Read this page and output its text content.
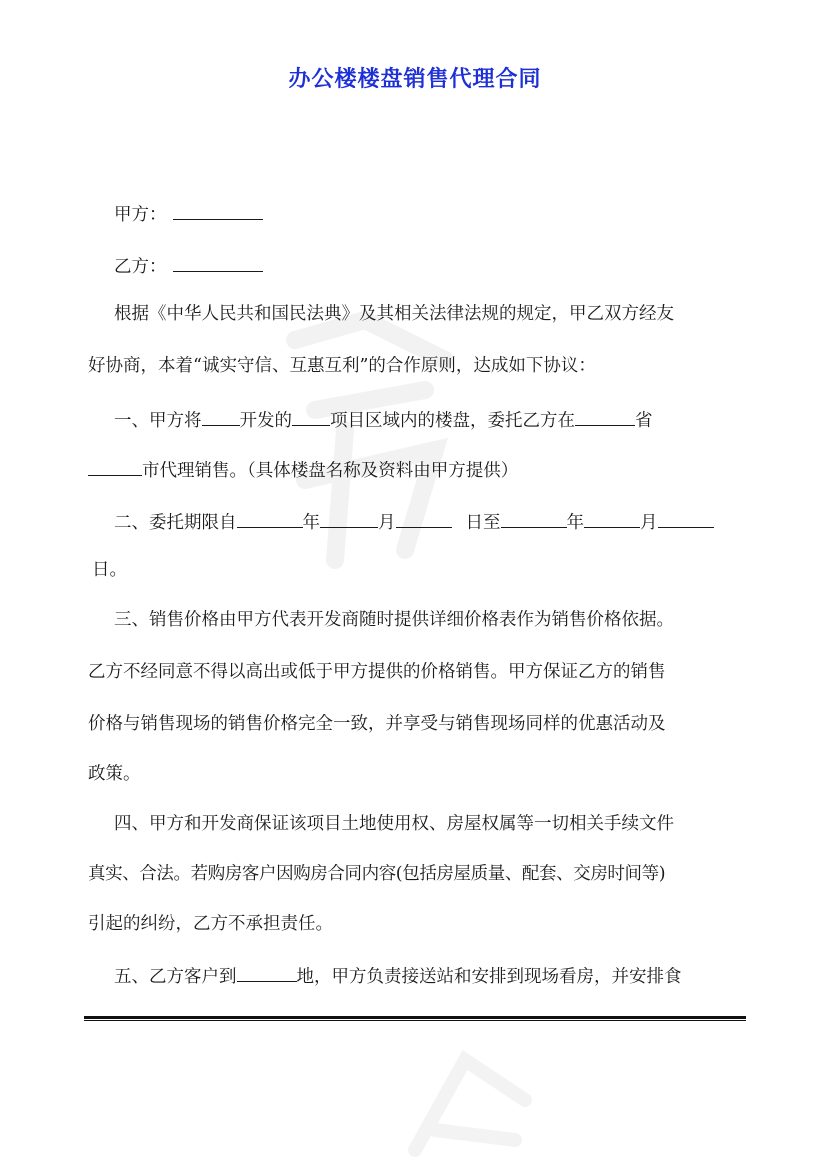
办公楼楼盘销售代理合同
甲方：
乙方：
根据《中华人民共和国民法典》及其相关法律法规的规定，甲乙双方经友
好协商，本着“诚实守信、互惠互利”的合作原则，达成如下协议：
一、甲方将 开发的 项目区域内的楼盘，委托乙方在	省
市代理销售。（具体楼盘名称及资料由甲方提供）
二、委托期限自	年	月	日至	年	月
日。
三、销售价格由甲方代表开发商随时提供详细价格表作为销售价格依据。
乙方不经同意不得以高出或低于甲方提供的价格销售。甲方保证乙方的销售
价格与销售现场的销售价格完全一致，并享受与销售现场同样的优惠活动及
政策。
四、甲方和开发商保证该项目土地使用权、房屋权属等一切相关手续文件
真实、合法。若购房客户因购房合同内容(包括房屋质量、配套、交房时间等)
引起的纠纷，乙方不承担责任。
五、乙方客户到	地，甲方负责接送站和安排到现场看房，并安排食
